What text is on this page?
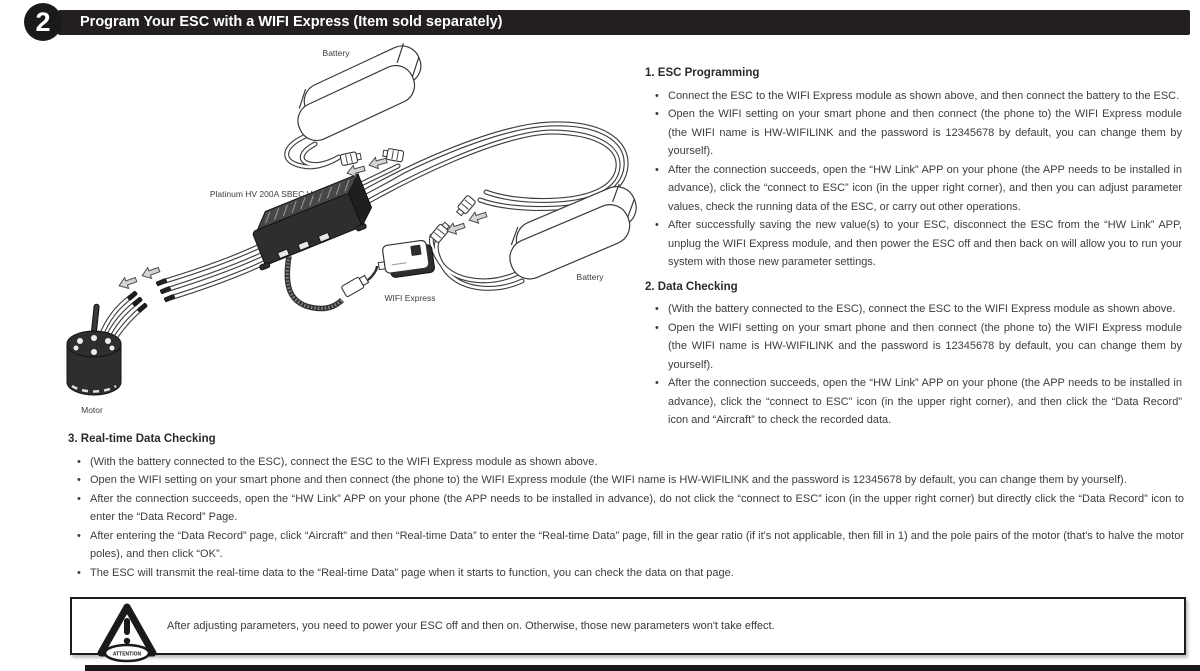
2	Program Your ESC with a WIFI Express (Item sold separately)
Battery
Platinum HV 200A SBEC V4.1
WIFI Express
Battery
Motor
1. ESC Programming
• Connect the ESC to the WIFI Express module as shown above, and then connect the battery to the ESC.
• Open the WIFI setting on your smart phone and then connect (the phone to) the WIFI Express module (the WIFI name is HW-WIFILINK and the password is 12345678 by default, you can change them by yourself).
• After the connection succeeds, open the “HW Link” APP on your phone (the APP needs to be installed in advance), click the “connect to ESC” icon (in the upper right corner), and then you can adjust parameter values, check the running data of the ESC, or carry out other operations.
• After successfully saving the new value(s) to your ESC, disconnect the ESC from the “HW Link” APP, unplug the WIFI Express module, and then power the ESC off and then back on will allow you to run your system with those new parameter settings.
2. Data Checking
• (With the battery connected to the ESC), connect the ESC to the WIFI Express module as shown above.
• Open the WIFI setting on your smart phone and then connect (the phone to) the WIFI Express module (the WIFI name is HW-WIFILINK and the password is 12345678 by default, you can change them by yourself).
• After the connection succeeds, open the “HW Link” APP on your phone (the APP needs to be installed in advance), click the “connect to ESC” icon (in the upper right corner), and then click the “Data Record” icon and “Aircraft” to check the recorded data.
3. Real-time Data Checking
• (With the battery connected to the ESC), connect the ESC to the WIFI Express module as shown above.
• Open the WIFI setting on your smart phone and then connect (the phone to) the WIFI Express module (the WIFI name is HW-WIFILINK and the password is 12345678 by default, you can change them by yourself).
• After the connection succeeds, open the “HW Link” APP on your phone (the APP needs to be installed in advance), do not click the “connect to ESC” icon (in the upper right corner) but directly click the “Data Record” icon to enter the “Data Record” Page.
• After entering the “Data Record” page, click “Aircraft” and then “Real-time Data” to enter the “Real-time Data” page, fill in the gear ratio (if it's not applicable, then fill in 1) and the pole pairs of the motor (that's to halve the motor poles), and then click “OK”.
• The ESC will transmit the real-time data to the “Real-time Data” page when it starts to function, you can check the data on that page.
ATTENTION
After adjusting parameters, you need to power your ESC off and then on. Otherwise, those new parameters won't take effect.
